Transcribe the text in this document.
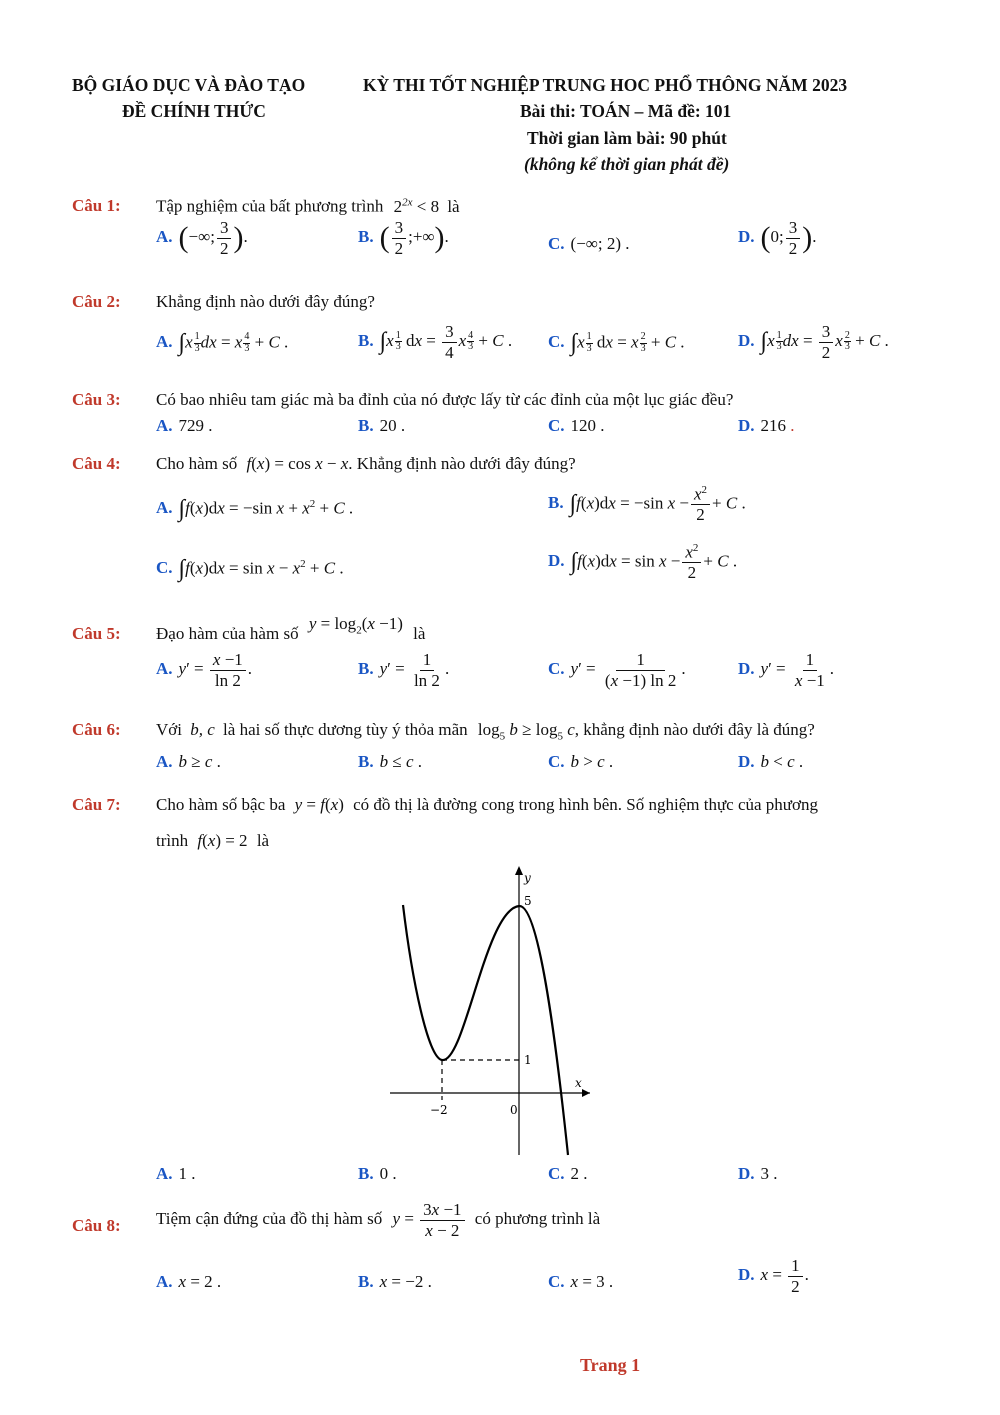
BỘ GIÁO DỤC VÀ ĐÀO TẠO
ĐỀ CHÍNH THỨC
KỲ THI TỐT NGHIỆP TRUNG HOC PHỔ THÔNG NĂM 2023
Bài thi: TOÁN – Mã đề: 101
Thời gian làm bài: 90 phút
(không kể thời gian phát đề)
Câu 1: Tập nghiệm của bất phương trình $2^{2x} < 8$ là
A. (−∞; $\frac{3}{2}$ ).	B. ( $\frac{3}{2}$ ;+∞).	C. (−∞; 2) .	D. (0; $\frac{3}{2}$ ).
Câu 2: Khẳng định nào dưới đây đúng?
A. $\int x \frac{1}{3}$ dx = x $\frac{4}{3} + C$ .	B. $\int x \frac{1}{3}$ dx = $\frac{3}{4}$ x $\frac{4}{3} + C$ . C. $\int x \frac{1}{3}$ dx = x $\frac{2}{3} + C$ .	D. $\int x \frac{1}{3}$ dx = $\frac{3}{2}$ x $\frac{2}{3} + C$ .
Câu 3: Có bao nhiêu tam giác mà ba đỉnh của nó được lấy từ các đỉnh của một lục giác đều?
A. 729 .	B. 20 .	C. 120 .	D. 216 .
Câu 4: Cho hàm số f(x) = cos x − x. Khẳng định nào dưới đây đúng?
A. ∫f(x)dx = −sin $x + x^2 + C$ .	B. ∫f(x)dx = −sin $x - \frac{x^2}{2} + C$ .
C. $\int f(x)dx = \sin x - x^2 + C$ .	D. $\int f(x)dx = \sin x - \frac{x^2}{2} + C$ .
Câu 5: Đạo hàm của hàm số $y = \log_2(x -1)$ là
A. $y' = \frac{x -1}{\ln 2}$ .	B. $y' = \frac{1}{\ln 2}$ .	C. $y' = \frac{1}{(x -1) \ln 2}$ .	D. $y' = \frac{1}{x -1}$ .
Câu 6: Với b, c là hai số thực dương tùy ý thỏa mãn $\log_5 b \ge \log_5 c$, khẳng định nào dưới đây là đúng?
A. b ≥ c .	B. b ≤ c .	C. b > c .	D. b < c .
Câu 7: Cho hàm số bậc ba y = f(x) có đồ thị là đường cong trong hình bên. Số nghiệm thực của phương
trình f(x) = 2 là
y
x
5
1
−2	0
A. 1 .	B. 0 .	C. 2 .	D. 3 .
Câu 8: Tiệm cận đứng của đồ thị hàm số $y = \frac{3x -1}{x - 2}$ có phương trình là
A. x = 2 .	B. x = −2 .	C. x = 3 .	D. $x = \frac{1}{2}$ .
Trang 1
